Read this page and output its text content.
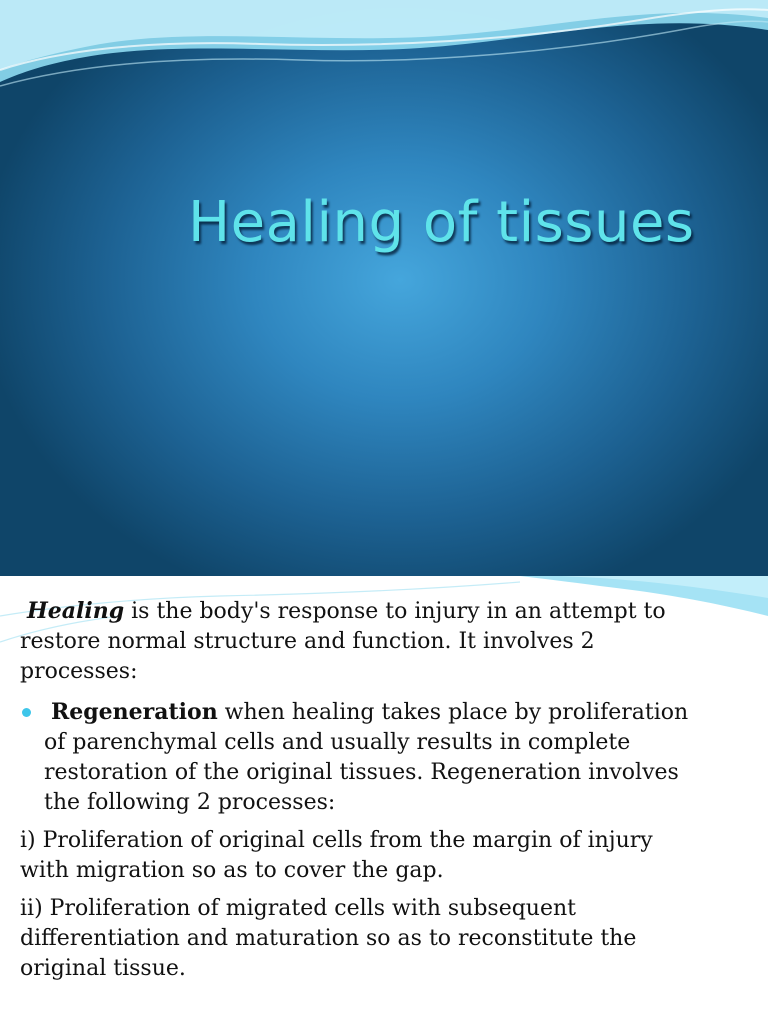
Healing of tissues
Healing is the body's response to injury in an attempt to
restore normal structure and function. It involves 2
processes:
Regeneration when healing takes place by proliferation
of parenchymal cells and usually results in complete
restoration of the original tissues. Regeneration involves
the following 2 processes:
i) Proliferation of original cells from the margin of injury
with migration so as to cover the gap.
ii) Proliferation of migrated cells with subsequent
differentiation and maturation so as to reconstitute the
original tissue.
